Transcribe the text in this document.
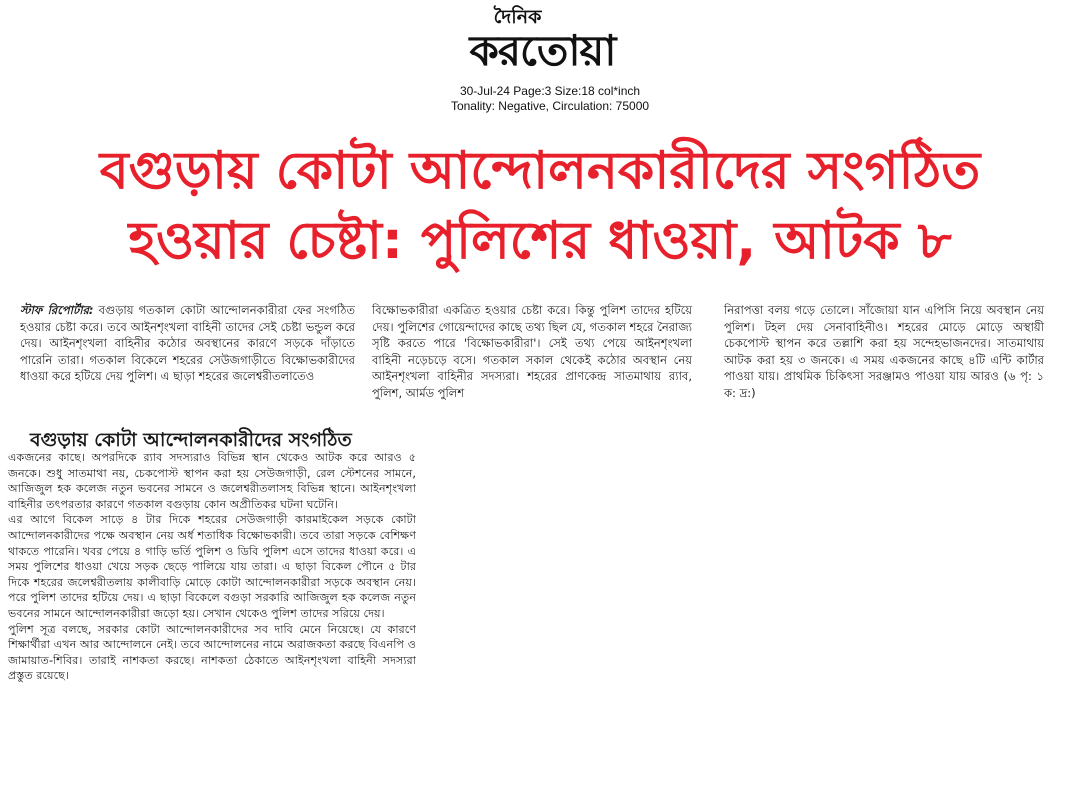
দৈনিক
করতোয়া
30-Jul-24 Page:3 Size:18 col*inch
Tonality: Negative, Circulation: 75000
বগুড়ায় কোটা আন্দোলনকারীদের সংগঠিত
হওয়ার চেষ্টা: পুলিশের ধাওয়া, আটক ৮
স্টাফ রিপোর্টার: বগুড়ায় গতকাল কোটা আন্দোলনকারীরা ফের সংগঠিত হওয়ার চেষ্টা করে। তবে আইনশৃংখলা বাহিনী তাদের সেই চেষ্টা ভন্ডুল করে দেয়। আইনশৃংখলা বাহিনীর কঠোর অবস্থানের কারণে সড়কে দাঁড়াতে পারেনি তারা। গতকাল বিকেলে শহরের সেউজগাড়ীতে বিক্ষোভকারীদের ধাওয়া করে হটিয়ে দেয় পুলিশ। এ ছাড়া শহরের জলেশ্বরীতলাতেও
বিক্ষোভকারীরা একত্রিত হওয়ার চেষ্টা করে। কিন্তু পুলিশ তাদের হটিয়ে দেয়। পুলিশের গোয়েন্দাদের কাছে তথ্য ছিল যে, গতকাল শহরে নৈরাজ্য সৃষ্টি করতে পারে 'বিক্ষোভকারীরা'। সেই তথ্য পেয়ে আইনশৃংখলা বাহিনী নড়েচড়ে বসে। গতকাল সকাল থেকেই কঠোর অবস্থান নেয় আইনশৃংখলা বাহিনীর সদস্যরা। শহরের প্রাণকেন্দ্র সাতমাথায় র‌্যাব, পুলিশ, আর্মড পুলিশ
নিরাপত্তা বলয় গড়ে তোলে। সাঁজোয়া যান এপিসি নিয়ে অবস্থান নেয় পুলিশ। টহল দেয় সেনাবাহিনীও। শহরের মোড়ে মোড়ে অস্থায়ী চেকপোস্ট স্থাপন করে তল্লাশি করা হয় সন্দেহভাজনদের। সাতমাথায় আটক করা হয় ৩ জনকে। এ সময় একজনের কাছে ৪টি এন্টি কার্টার পাওয়া যায়। প্রাথমিক চিকিৎসা সরঞ্জামও পাওয়া যায় আরও (৬ পৃ: ১ ক: দ্র:)
বগুড়ায় কোটা আন্দোলনকারীদের সংগঠিত

একজনের কাছে। অপরদিকে র‌্যাব সদস্যরাও বিভিন্ন স্থান থেকেও আটক করে আরও ৫ জনকে। শুধু সাতমাথা নয়, চেকপোস্ট স্থাপন করা হয় সেউজগাড়ী, রেল স্টেশনের সামনে, আজিজুল হক কলেজ নতুন ভবনের সামনে ও জলেশ্বরীতলাসহ বিভিন্ন স্থানে। আইনশৃংখলা বাহিনীর তৎপরতার কারণে গতকাল বগুড়ায় কোন অপ্রীতিকর ঘটনা ঘটেনি।

এর আগে বিকেল সাড়ে ৪ টার দিকে শহরের সেউজগাড়ী কারমাইকেল সড়কে কোটা আন্দোলনকারীদের পক্ষে অবস্থান নেয় অর্ধ শতাধিক বিক্ষোভকারী। তবে তারা সড়কে বেশিক্ষণ থাকতে পারেনি। খবর পেয়ে ৪ গাড়ি ভর্তি পুলিশ ও ডিবি পুলিশ এসে তাদের ধাওয়া করে। এ সময় পুলিশের ধাওয়া খেয়ে সড়ক ছেড়ে পালিয়ে যায় তারা। এ ছাড়া বিকেল পৌনে ৫ টার দিকে শহরের জলেশ্বরীতলায় কালীবাড়ি মোড়ে কোটা আন্দোলনকারীরা সড়কে অবস্থান নেয়। পরে পুলিশ তাদের হটিয়ে দেয়। এ ছাড়া বিকেলে বগুড়া সরকারি আজিজুল হক কলেজ নতুন ভবনের সামনে আন্দোলনকারীরা জড়ো হয়। সেখান থেকেও পুলিশ তাদের সরিয়ে দেয়।

পুলিশ সূত্র বলছে, সরকার কোটা আন্দোলনকারীদের সব দাবি মেনে নিয়েছে। যে কারণে শিক্ষার্থীরা এখন আর আন্দোলনে নেই। তবে আন্দোলনের নামে অরাজকতা করছে বিএনপি ও জামায়াত-শিবির। তারাই নাশকতা করছে। নাশকতা ঠেকাতে আইনশৃংখলা বাহিনী সদস্যরা প্রস্তুত রয়েছে।
